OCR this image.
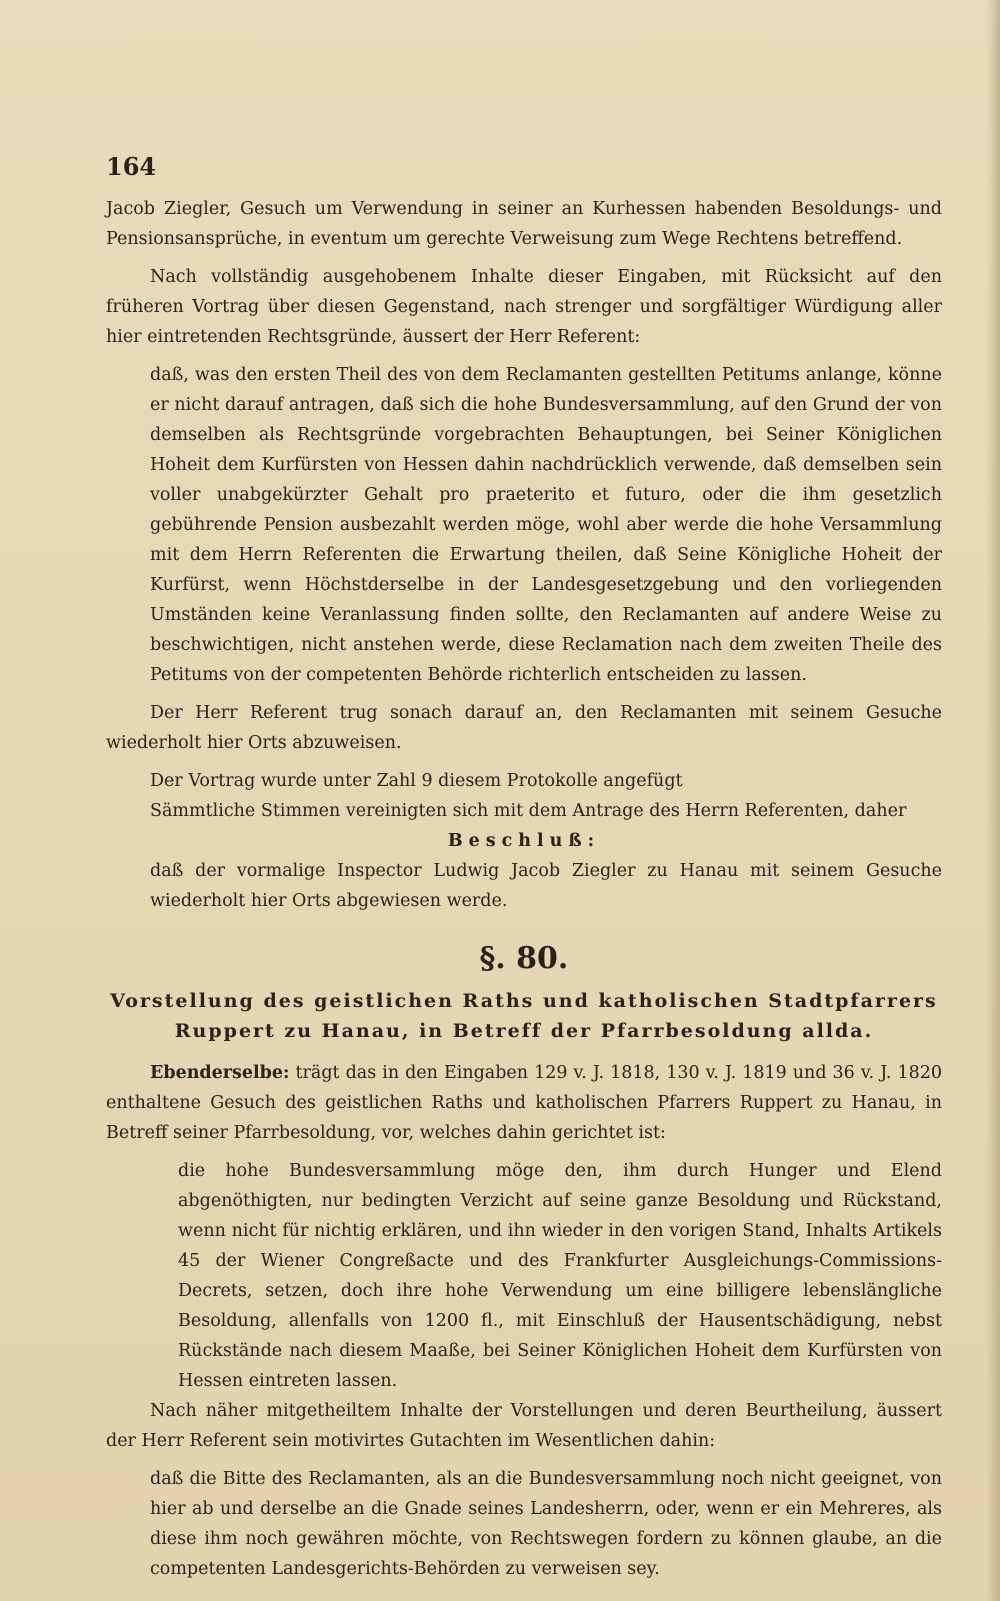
164

Jacob Ziegler, Gesuch um Verwendung in seiner an Kurhessen habenden Besoldungs- und Pensionsansprüche, in eventum um gerechte Verweisung zum Wege Rechtens betreffend.

Nach vollständig ausgehobenem Inhalte dieser Eingaben, mit Rücksicht auf den früheren Vortrag über diesen Gegenstand, nach strenger und sorgfältiger Würdigung aller hier eintretenden Rechtsgründe, äussert der Herr Referent:

daß, was den ersten Theil des von dem Reclamanten gestellten Petitums anlange, könne er nicht darauf antragen, daß sich die hohe Bundesversammlung, auf den Grund der von demselben als Rechtsgründe vorgebrachten Behauptungen, bei Seiner Königlichen Hoheit dem Kurfürsten von Hessen dahin nachdrücklich verwende, daß demselben sein voller unabgekürzter Gehalt pro praeterito et futuro, oder die ihm gesetzlich gebührende Pension ausbezahlt werden möge, wohl aber werde die hohe Versammlung mit dem Herrn Referenten die Erwartung theilen, daß Seine Königliche Hoheit der Kurfürst, wenn Höchstderselbe in der Landesgesetzgebung und den vorliegenden Umständen keine Veranlassung finden sollte, den Reclamanten auf andere Weise zu beschwichtigen, nicht anstehen werde, diese Reclamation nach dem zweiten Theile des Petitums von der competenten Behörde richterlich entscheiden zu lassen.

Der Herr Referent trug sonach darauf an, den Reclamanten mit seinem Gesuche wiederholt hier Orts abzuweisen.

Der Vortrag wurde unter Zahl 9 diesem Protokolle angefügt

Sämmtliche Stimmen vereinigten sich mit dem Antrage des Herrn Referenten, daher

Beschluß:

daß der vormalige Inspector Ludwig Jacob Ziegler zu Hanau mit seinem Gesuche wiederholt hier Orts abgewiesen werde.

§. 80.
Vorstellung des geistlichen Raths und katholischen Stadtpfarrers
Ruppert zu Hanau, in Betreff der Pfarrbesoldung allda.

Ebenderselbe: trägt das in den Eingaben 129 v. J. 1818, 130 v. J. 1819 und 36 v. J. 1820 enthaltene Gesuch des geistlichen Raths und katholischen Pfarrers Ruppert zu Hanau, in Betreff seiner Pfarrbesoldung, vor, welches dahin gerichtet ist:

die hohe Bundesversammlung möge den, ihm durch Hunger und Elend abgenöthigten, nur bedingten Verzicht auf seine ganze Besoldung und Rückstand, wenn nicht für nichtig erklären, und ihn wieder in den vorigen Stand, Inhalts Artikels 45 der Wiener Congreßacte und des Frankfurter Ausgleichungs-Commissions-Decrets, setzen, doch ihre hohe Verwendung um eine billigere lebenslängliche Besoldung, allenfalls von 1200 fl., mit Einschluß der Hausentschädigung, nebst Rückstände nach diesem Maaße, bei Seiner Königlichen Hoheit dem Kurfürsten von Hessen eintreten lassen.

Nach näher mitgetheiltem Inhalte der Vorstellungen und deren Beurtheilung, äussert der Herr Referent sein motivirtes Gutachten im Wesentlichen dahin:

daß die Bitte des Reclamanten, als an die Bundesversammlung noch nicht geeignet, von hier ab und derselbe an die Gnade seines Landesherrn, oder, wenn er ein Mehreres, als diese ihm noch gewähren möchte, von Rechtswegen fordern zu können glaube, an die competenten Landesgerichts-Behörden zu verweisen sey.
